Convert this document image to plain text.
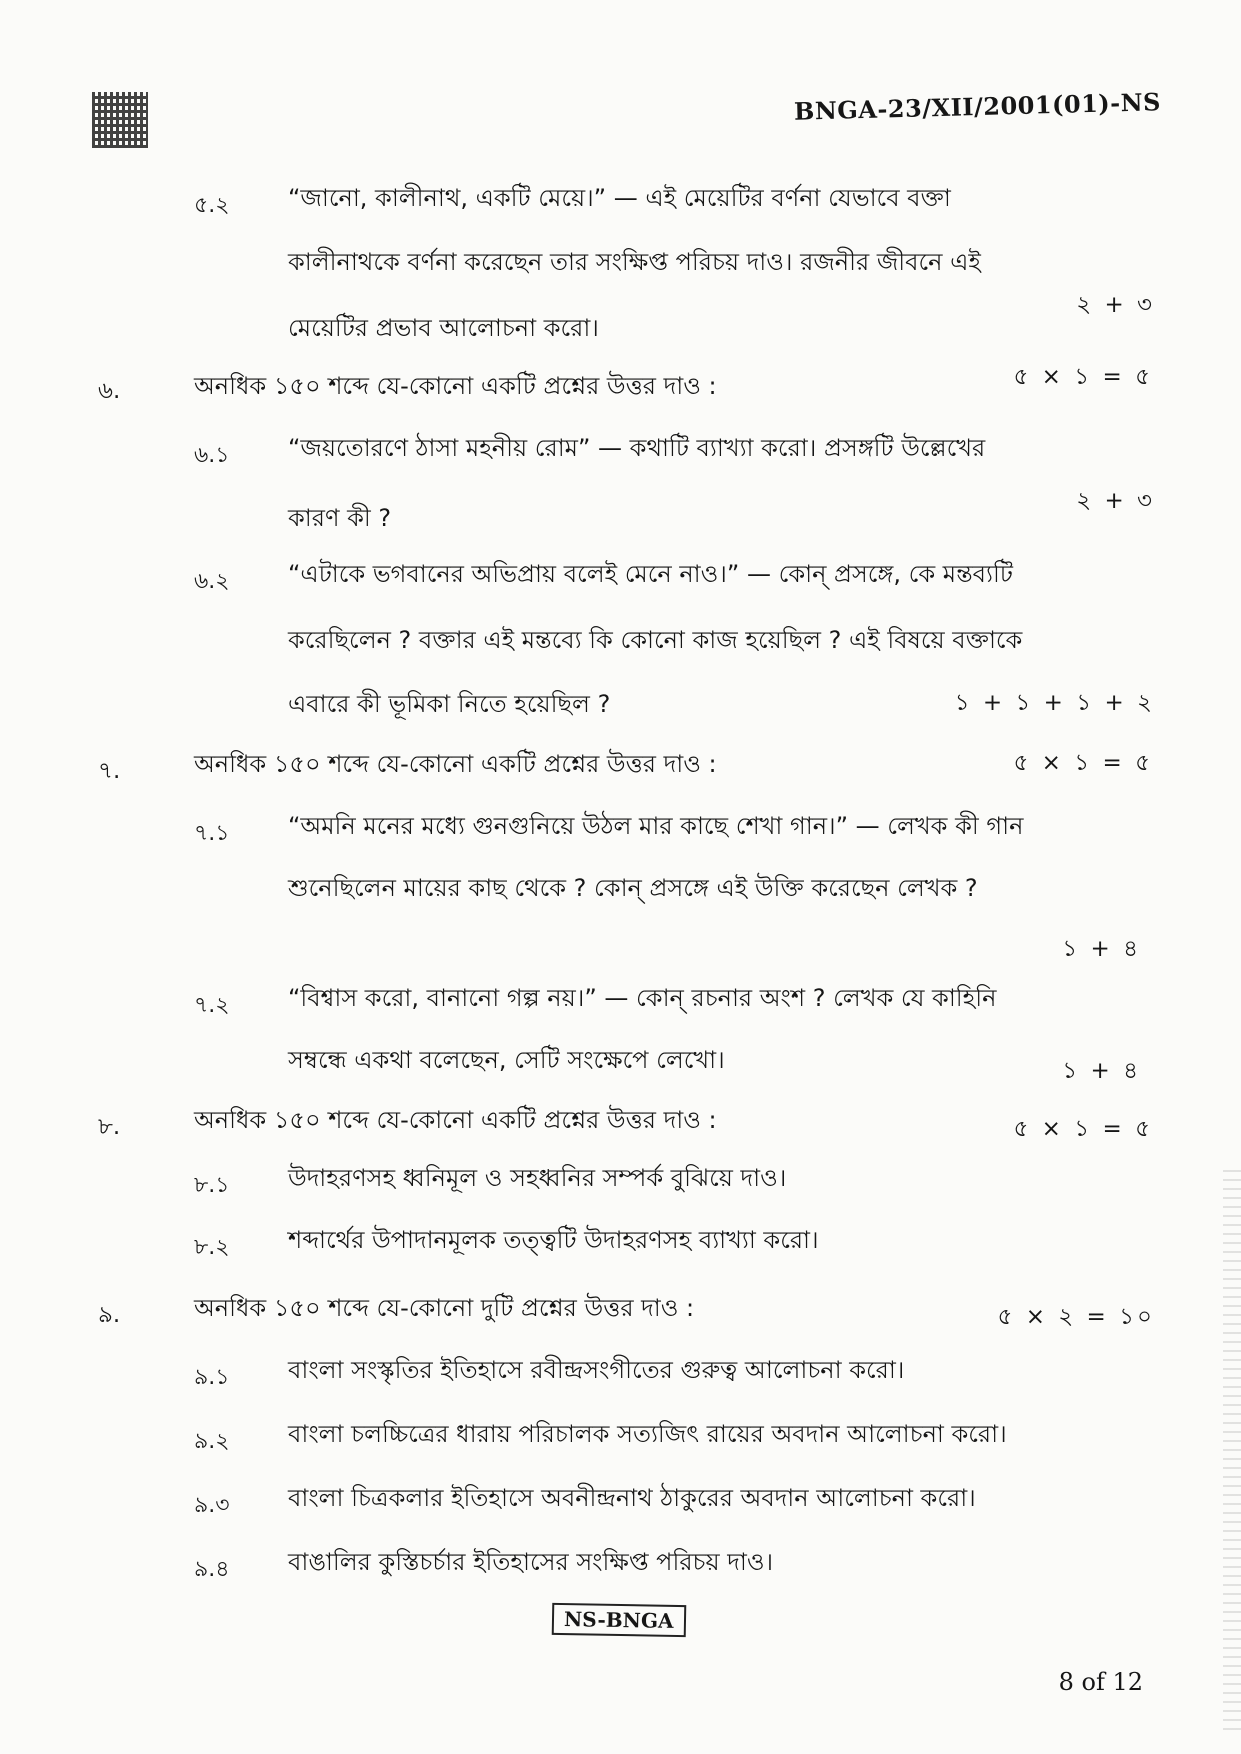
BNGA-23/XII/2001(01)-NS
৫.২ “জানো, কালীনাথ, একটি মেয়ে।” — এই মেয়েটির বর্ণনা যেভাবে বক্তা
কালীনাথকে বর্ণনা করেছেন তার সংক্ষিপ্ত পরিচয় দাও। রজনীর জীবনে এই
২ + ৩
মেয়েটির প্রভাব আলোচনা করো।
৬.	অনধিক ১৫০ শব্দে যে-কোনো একটি প্রশ্নের উত্তর দাও :	৫ × ১ = ৫
৬.১ “জয়তোরণে ঠাসা মহনীয় রোম” — কথাটি ব্যাখ্যা করো। প্রসঙ্গটি উল্লেখের
২ + ৩
কারণ কী ?
৬.২ “এটাকে ভগবানের অভিপ্রায় বলেই মেনে নাও।” — কোন্ প্রসঙ্গে, কে মন্তব্যটি
করেছিলেন ? বক্তার এই মন্তব্যে কি কোনো কাজ হয়েছিল ? এই বিষয়ে বক্তাকে
এবারে কী ভূমিকা নিতে হয়েছিল ?	১ + ১ + ১ + ২
৭.	অনধিক ১৫০ শব্দে যে-কোনো একটি প্রশ্নের উত্তর দাও :	৫ × ১ = ৫
৭.১ “অমনি মনের মধ্যে গুনগুনিয়ে উঠল মার কাছে শেখা গান।” — লেখক কী গান
শুনেছিলেন মায়ের কাছ থেকে ? কোন্ প্রসঙ্গে এই উক্তি করেছেন লেখক ?
১ + ৪
৭.২ “বিশ্বাস করো, বানানো গল্প নয়।” — কোন্ রচনার অংশ ? লেখক যে কাহিনি
সম্বন্ধে একথা বলেছেন, সেটি সংক্ষেপে লেখো।	১ + ৪
৮.	অনধিক ১৫০ শব্দে যে-কোনো একটি প্রশ্নের উত্তর দাও :	৫ × ১ = ৫
৮.১ উদাহরণসহ ধ্বনিমূল ও সহধ্বনির সম্পর্ক বুঝিয়ে দাও।
৮.২ শব্দার্থের উপাদানমূলক তত্ত্বটি উদাহরণসহ ব্যাখ্যা করো।
৯.	অনধিক ১৫০ শব্দে যে-কোনো দুটি প্রশ্নের উত্তর দাও :	৫ × ২ = ১০
৯.১ বাংলা সংস্কৃতির ইতিহাসে রবীন্দ্রসংগীতের গুরুত্ব আলোচনা করো।
৯.২ বাংলা চলচ্চিত্রের ধারায় পরিচালক সত্যজিৎ রায়ের অবদান আলোচনা করো।
৯.৩ বাংলা চিত্রকলার ইতিহাসে অবনীন্দ্রনাথ ঠাকুরের অবদান আলোচনা করো।
৯.৪ বাঙালির কুস্তিচর্চার ইতিহাসের সংক্ষিপ্ত পরিচয় দাও।
NS-BNGA
8 of 12
